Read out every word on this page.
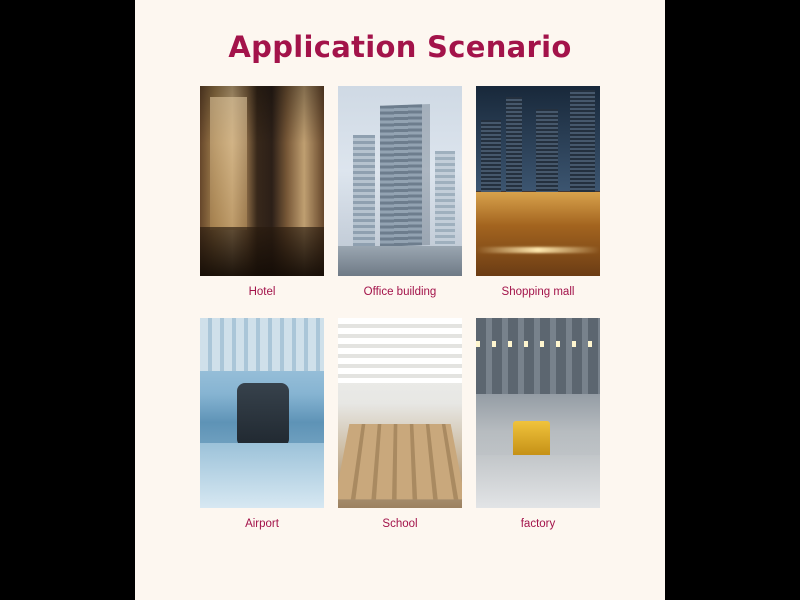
Application Scenario
Hotel	Office building	Shopping mall
Airport	School	factory
